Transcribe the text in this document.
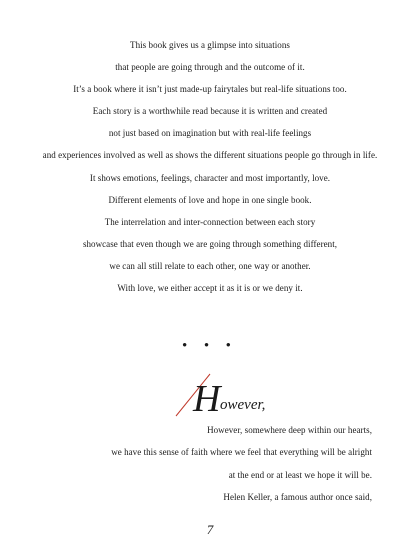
This book gives us a glimpse into situations
that people are going through and the outcome of it.
It’s a book where it isn’t just made-up fairytales but real-life situations too.
Each story is a worthwhile read because it is written and created
not just based on imagination but with real-life feelings
and experiences involved as well as shows the different situations people go through in life.
It shows emotions, feelings, character and most importantly, love.
Different elements of love and hope in one single book.
The interrelation and inter-connection between each story
showcase that even though we are going through something different,
we can all still relate to each other, one way or another.
With love, we either accept it as it is or we deny it.
• • •
H owever,
However, somewhere deep within our hearts,
we have this sense of faith where we feel that everything will be alright
at the end or at least we hope it will be.
Helen Keller, a famous author once said,
7
